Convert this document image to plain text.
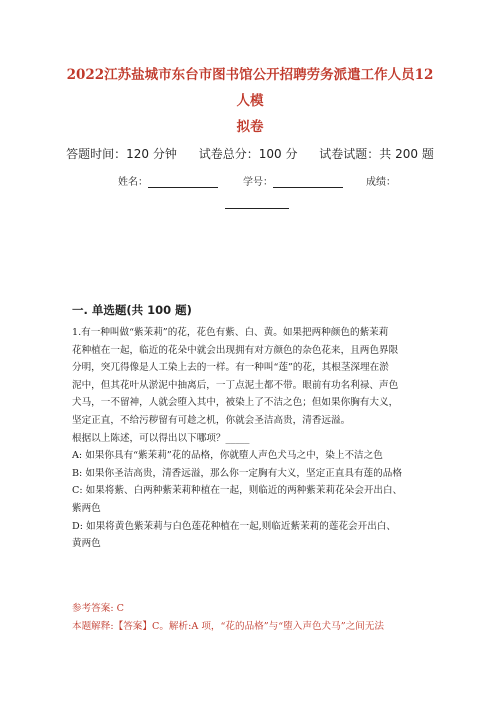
2022江苏盐城市东台市图书馆公开招聘劳务派遣工作人员12人模
拟卷
答题时间：120 分钟 试卷总分：100 分 试卷试题：共 200 题
姓名：	学号：	成绩：
一. 单选题(共 100 题)

1.有一种叫做“紫茉莉”的花，花色有紫、白、黄。如果把两种颜色的紫茉莉

花种植在一起，临近的花朵中就会出现拥有对方颜色的杂色花来，且两色界限

分明，突兀得像是人工染上去的一样。有一种叫“莲”的花，其根茎深埋在淤

泥中，但其花叶从淤泥中抽离后，一丁点泥土都不带。眼前有功名利禄、声色

犬马，一不留神，人就会堕入其中，被染上了不洁之色；但如果你胸有大义，

坚定正直，不给污秽留有可趁之机，你就会圣洁高贵，清香远溢。

根据以上陈述，可以得出以下哪项？_____

A: 如果你具有“紫茉莉”花的品格，你就堕人声色犬马之中，染上不洁之色

B: 如果你圣洁高贵，清香远溢，那么你一定胸有大义，坚定正直具有莲的品格

C: 如果将紫、白两种紫茉莉种植在一起，则临近的两种紫茉莉花朵会开出白、

紫两色

D: 如果将黄色紫茉莉与白色莲花种植在一起,则临近紫茉莉的莲花会开出白、

黄两色

参考答案: C
本题解释:【答案】C。解析:A 项，“花的品格”与“堕入声色犬马”之间无法
